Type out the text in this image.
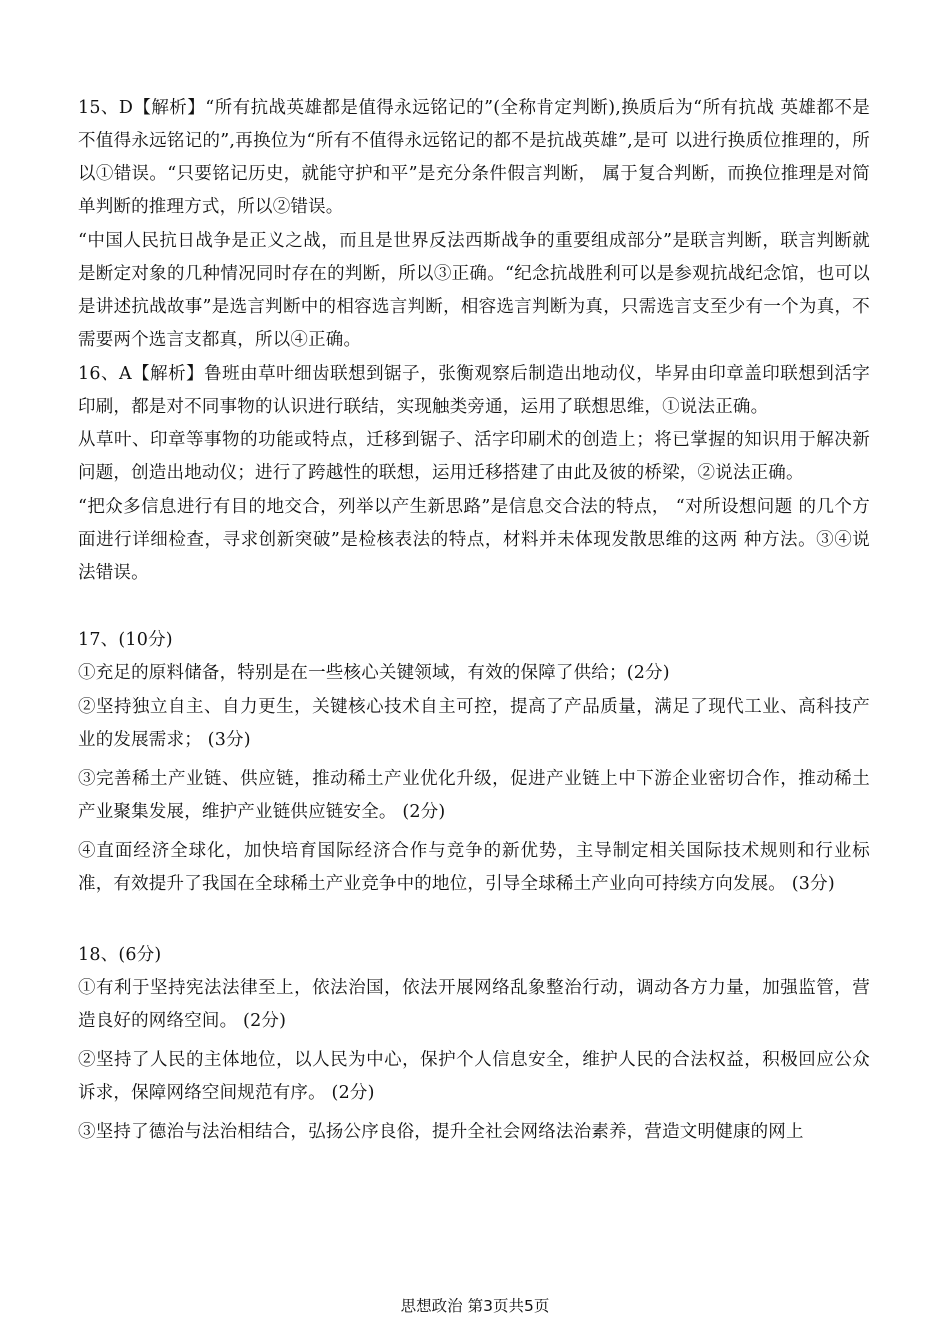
15、D【解析】“所有抗战英雄都是值得永远铭记的”(全称肯定判断),换质后为“所有抗战 英雄都不是不值得永远铭记的”,再换位为“所有不值得永远铭记的都不是抗战英雄”,是可 以进行换质位推理的，所以①错误。“只要铭记历史，就能守护和平”是充分条件假言判断， 属于复合判断，而换位推理是对简单判断的推理方式，所以②错误。

“中国人民抗日战争是正义之战，而且是世界反法西斯战争的重要组成部分”是联言判断，联言判断就是断定对象的几种情况同时存在的判断，所以③正确。“纪念抗战胜利可以是参观抗战纪念馆，也可以是讲述抗战故事”是选言判断中的相容选言判断，相容选言判断为真，只需选言支至少有一个为真，不需要两个选言支都真，所以④正确。

16、A【解析】鲁班由草叶细齿联想到锯子，张衡观察后制造出地动仪，毕昇由印章盖印联想到活字印刷，都是对不同事物的认识进行联结，实现触类旁通，运用了联想思维，①说法正确。

从草叶、印章等事物的功能或特点，迁移到锯子、活字印刷术的创造上；将已掌握的知识用于解决新问题，创造出地动仪；进行了跨越性的联想，运用迁移搭建了由此及彼的桥梁，②说法正确。

“把众多信息进行有目的地交合，列举以产生新思路”是信息交合法的特点， “对所设想问题 的几个方面进行详细检查，寻求创新突破”是检核表法的特点，材料并未体现发散思维的这两 种方法。③④说法错误。

17、(10分)

①充足的原料储备，特别是在一些核心关键领域，有效的保障了供给；(2分)

②坚持独立自主、自力更生，关键核心技术自主可控，提高了产品质量，满足了现代工业、高科技产业的发展需求； (3分)

③完善稀土产业链、供应链，推动稀土产业优化升级，促进产业链上中下游企业密切合作，推动稀土产业聚集发展，维护产业链供应链安全。 (2分)

④直面经济全球化，加快培育国际经济合作与竞争的新优势，主导制定相关国际技术规则和行业标准，有效提升了我国在全球稀土产业竞争中的地位，引导全球稀土产业向可持续方向发展。 (3分)

18、(6分)

①有利于坚持宪法法律至上，依法治国，依法开展网络乱象整治行动，调动各方力量，加强监管，营造良好的网络空间。 (2分)

②坚持了人民的主体地位，以人民为中心，保护个人信息安全，维护人民的合法权益，积极回应公众诉求，保障网络空间规范有序。 (2分)

③坚持了德治与法治相结合，弘扬公序良俗，提升全社会网络法治素养，营造文明健康的网上

思想政治 第3页共5页
